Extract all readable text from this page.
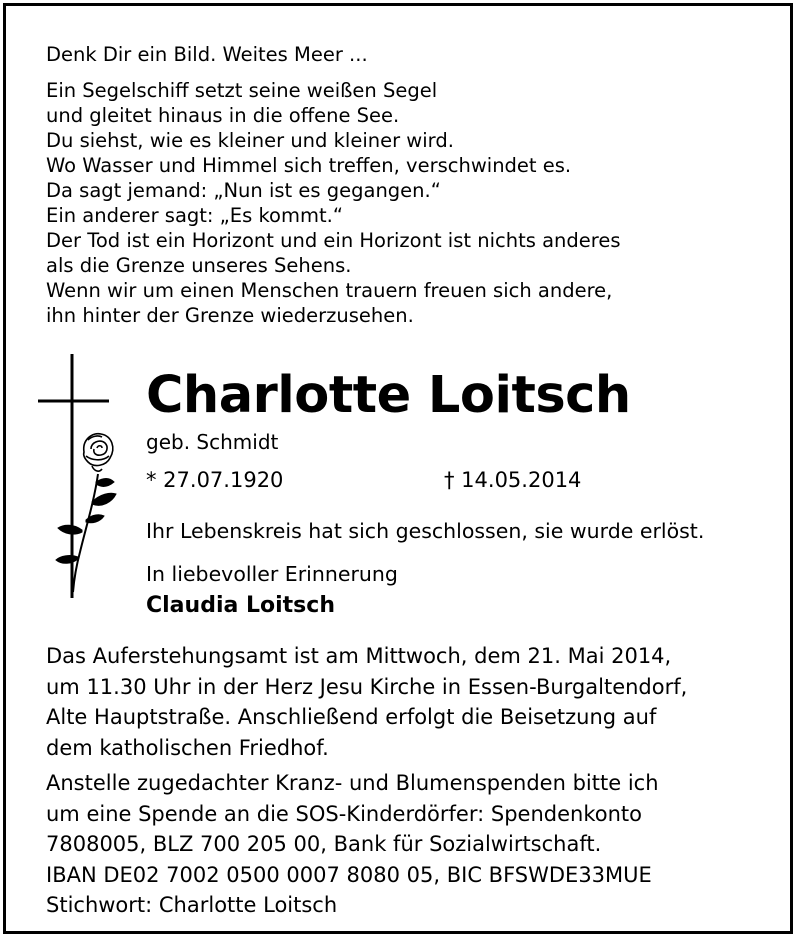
Denk Dir ein Bild. Weites Meer ...
Ein Segelschiff setzt seine weißen Segel
und gleitet hinaus in die offene See.
Du siehst, wie es kleiner und kleiner wird.
Wo Wasser und Himmel sich treffen, verschwindet es.
Da sagt jemand: „Nun ist es gegangen.“
Ein anderer sagt: „Es kommt.“
Der Tod ist ein Horizont und ein Horizont ist nichts anderes
als die Grenze unseres Sehens.
Wenn wir um einen Menschen trauern freuen sich andere,
ihn hinter der Grenze wiederzusehen.
Charlotte Loitsch
geb. Schmidt
* 27.07.1920	† 14.05.2014
Ihr Lebenskreis hat sich geschlossen, sie wurde erlöst.
In liebevoller Erinnerung
Claudia Loitsch
Das Auferstehungsamt ist am Mittwoch, dem 21. Mai 2014,
um 11.30 Uhr in der Herz Jesu Kirche in Essen-Burgaltendorf,
Alte Hauptstraße. Anschließend erfolgt die Beisetzung auf
dem katholischen Friedhof.
Anstelle zugedachter Kranz- und Blumenspenden bitte ich
um eine Spende an die SOS-Kinderdörfer: Spendenkonto
7808005, BLZ 700 205 00, Bank für Sozialwirtschaft.
IBAN DE02 7002 0500 0007 8080 05, BIC BFSWDE33MUE
Stichwort: Charlotte Loitsch
